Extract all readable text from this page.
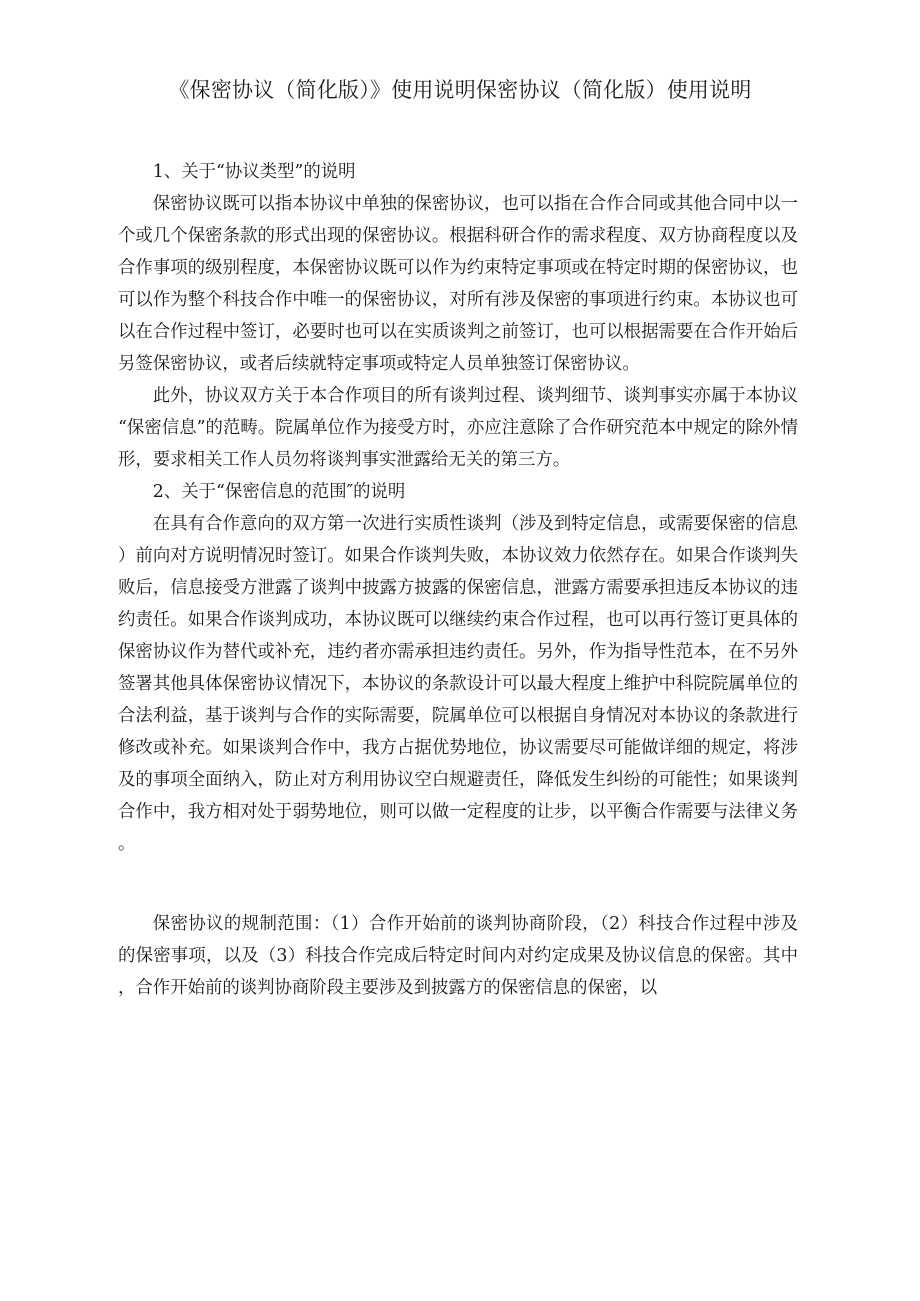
《保密协议（简化版）》使用说明保密协议（简化版）使用说明

1、关于“协议类型”的说明

保密协议既可以指本协议中单独的保密协议，也可以指在合作合同或其他合同中以一个或几个保密条款的形式出现的保密协议。根据科研合作的需求程度、双方协商程度以及合作事项的级别程度，本保密协议既可以作为约束特定事项或在特定时期的保密协议，也可以作为整个科技合作中唯一的保密协议，对所有涉及保密的事项进行约束。本协议也可以在合作过程中签订，必要时也可以在实质谈判之前签订，也可以根据需要在合作开始后另签保密协议，或者后续就特定事项或特定人员单独签订保密协议。

此外，协议双方关于本合作项目的所有谈判过程、谈判细节、谈判事实亦属于本协议“保密信息”的范畴。院属单位作为接受方时，亦应注意除了合作研究范本中规定的除外情形，要求相关工作人员勿将谈判事实泄露给无关的第三方。

2、关于“保密信息的范围″的说明

在具有合作意向的双方第一次进行实质性谈判（涉及到特定信息，或需要保密的信息）前向对方说明情况时签订。如果合作谈判失败，本协议效力依然存在。如果合作谈判失败后，信息接受方泄露了谈判中披露方披露的保密信息，泄露方需要承担违反本协议的违约责任。如果合作谈判成功，本协议既可以继续约束合作过程，也可以再行签订更具体的保密协议作为替代或补充，违约者亦需承担违约责任。另外，作为指导性范本，在不另外签署其他具体保密协议情况下，本协议的条款设计可以最大程度上维护中科院院属单位的合法利益，基于谈判与合作的实际需要，院属单位可以根据自身情况对本协议的条款进行修改或补充。如果谈判合作中，我方占据优势地位，协议需要尽可能做详细的规定，将涉及的事项全面纳入，防止对方利用协议空白规避责任，降低发生纠纷的可能性；如果谈判合作中，我方相对处于弱势地位，则可以做一定程度的让步，以平衡合作需要与法律义务。

保密协议的规制范围：（1）合作开始前的谈判协商阶段，（2）科技合作过程中涉及的保密事项，以及（3）科技合作完成后特定时间内对约定成果及协议信息的保密。其中，合作开始前的谈判协商阶段主要涉及到披露方的保密信息的保密，以
